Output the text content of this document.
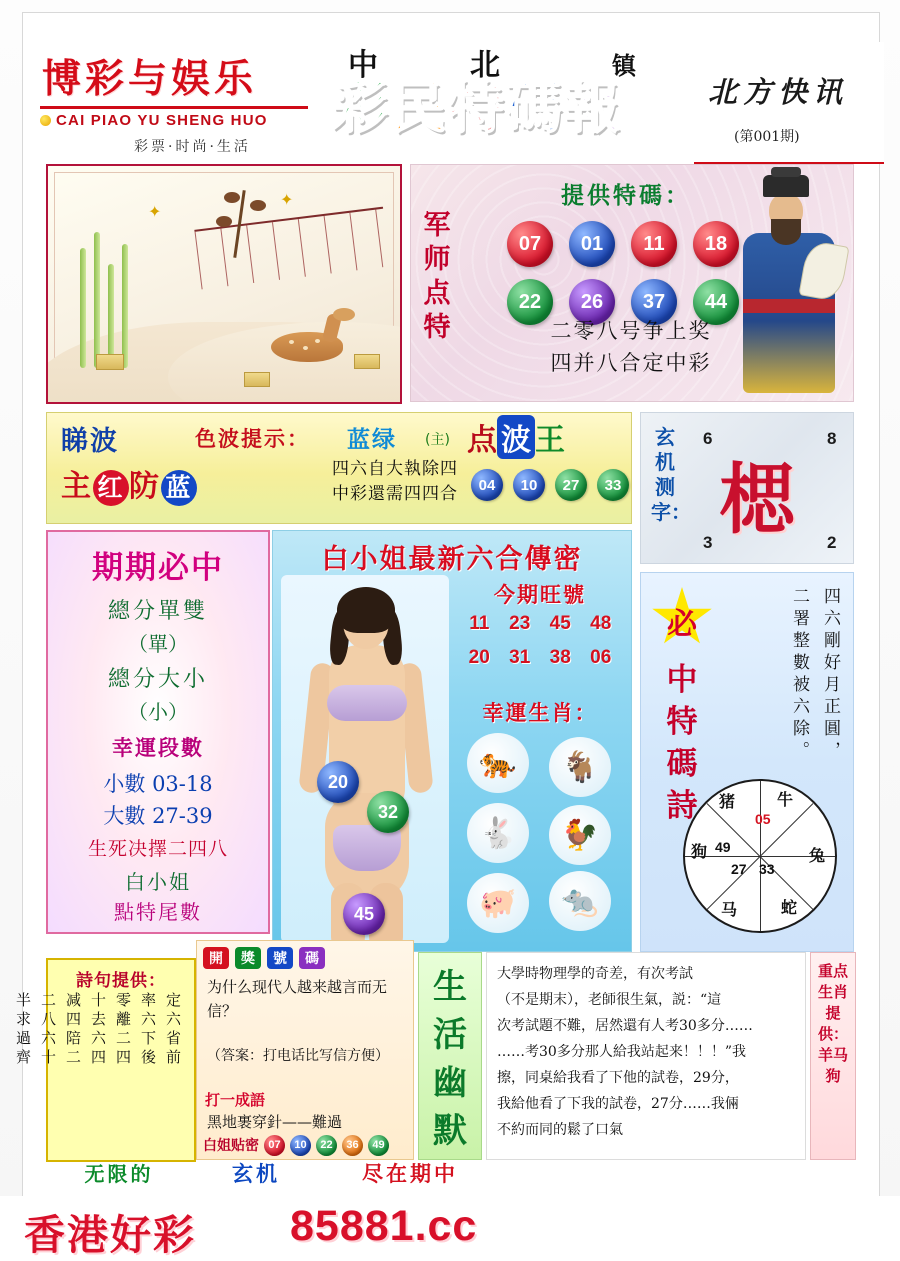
博彩与娱乐
CAI PIAO YU SHENG HUO
彩票·时尚·生活
中	北	镇
彩民特碼報	北方快讯
(第001期)
✦
✦
军师点特
提供特碼：
07	01	11	18
22	26	37	44
二零八号争上奖
四并八合定中彩
睇波	色波提示： 蓝绿 (主)
主 红 防 蓝
四六自大執除四
中彩還需四四合
点 波 王
04	10	27	33
玄机测字： 楒
6	8
3	2
期期必中
總分單雙
（單）
總分大小
（小）
幸運段數
小數 03-18
大數 27-39
生死决擇二四八
白小姐
點特尾數
白小姐最新六合傳密
20
32
45
今期旺號
11 23 45 48
20 31 38 06
幸運生肖：
🐅	🐐
🐇	🐓
🐖	🐀
必
中特碼詩
四六剛好月正圓，
二署整數被六除。
猪	牛
狗	兔
马	蛇
49
27 33
05
詩句提供：
定六省前
率六下後
零離二四
十去六四
减四陪二
二八六十
半求過齊
无限的	玄机	尽在期中
開	獎	號	碼
为什么现代人越来越言而无信？
（答案：打电话比写信方便）
打一成語
黑地裹穿針——難過
白姐贴密 07	10	22	36	49
生活幽默

大學時物理學的奇差，有次考試

（不是期末），老師很生氣，説：“這

次考試題不難，居然還有人考30多分……

……考30多分那人給我站起来！！！”我

擦，同桌給我看了下他的試卷，29分，

我給他看了下我的試卷，27分……我倆

不約而同的鬆了口氣

重点生肖提供：羊马狗
香港好彩 85881.cc
